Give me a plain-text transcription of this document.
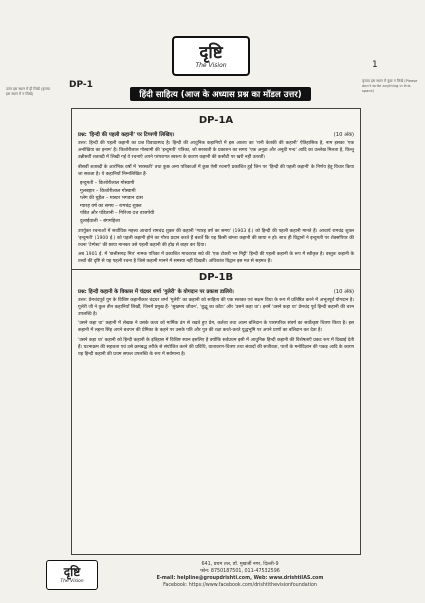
दृष्टि
The Vision	1
उत्तर इस स्थान में ही लिखें (कृपया इस स्थान में न लिखें)
कृपया इस स्थान में कुछ न लिखें (Please don't write anything in this space)
DP-1
हिंदी साहित्य (आज के अध्यास प्रश्न का मॉडल उत्तर)
DP-1A
प्रश्न: 'हिन्दी की पहली कहानी' पर टिप्पणी लिखिए।	(10 अंक)
उत्तर: हिन्दी की पहली कहानी का प्रश्न विवादास्पद है। हिन्दी की आधुनिक कहानियों में इस आशय का 'रानी केतकी की कहानी' ऐतिहासिक है, नाम इसका 'एक अनोखिया का इनाम' है। किशोरीलाल गोस्वामी की 'इन्दुमती' पत्रिका, जो सरस्वती के प्रकाशन का समय 'एक अनूठा और अनूठी गन्ध' आदि का उल्लेख मिलता है, किन्तु उन्नीसवीं शताब्दी में लिखी गई ये रचनाएँ अपने परंपरागत स्वरूप के कारण कहानी की कसौटी पर खरी नहीं उतरतीं।
बीसवीं शताब्दी के आरंभिक वर्षों में 'सरस्वती' तथा कुछ अन्य पत्रिकाओं में कुछ ऐसी रचनाएँ प्रकाशित हुईं जिन पर 'हिन्दी की पहली कहानी' के निर्णय हेतु विचार किया जा सकता है। ये कहानियाँ निम्नलिखित हैं-
इन्दुमती – किशोरीलाल गोस्वामी
गुलबहार – किशोरीलाल गोस्वामी
प्लेग की चुड़ैल – मास्टर भगवान दास
ग्यारह वर्ष का समय – रामचंद्र शुक्ल
पंडित और पंडितानी – गिरिजा दत्त वाजपेयी
दुलाईवाली – बंगमहिला
उपर्युक्त रचनाओं में सर्वाधिक महत्त्व आचार्य रामचंद्र शुक्ल की कहानी 'ग्यारह वर्ष का समय' (1903 ई.) को हिन्दी की पहली कहानी मानते हैं। आचार्य रामचंद्र शुक्ल 'इन्दुमती' (1900 ई.) को पहली कहानी होने का गौरव प्रदान करते हैं बशर्ते कि यह किसी बांग्ला कहानी की छाया न हो। साथ ही विद्वानों ने इन्दुमती पर शेक्सपियर की रचना 'टेम्पेस्ट' की छाया मानकर उसे पहली कहानी की होड़ से बाहर कर दिया।
अब 1901 ई. में 'छत्तीसगढ़ मित्र' नामक पत्रिका में प्रकाशित माधवराव सप्रे की 'एक टोकरी भर मिट्टी' हिन्दी की पहली कहानी के रूप में स्वीकृत है। वस्तुतः कहानी के तत्त्वों की दृष्टि से यह पहली रचना है जिसे कहानी मानने में समस्या नहीं दिखती। अधिकांश विद्वान इस मत से सहमत हैं।
DP-1B
प्रश्न: हिन्दी कहानी के विकास में चंद्रधर शर्मा 'गुलेरी' के योगदान पर प्रकाश डालिये।	(10 अंक)
उत्तर: प्रेमचंदपूर्व युग के विशिष्ट कहानीकार चंद्रधर शर्मा 'गुलेरी' का कहानी को साहित्य की एक सशक्त एवं सक्षम विधा के रूप में प्रतिष्ठित करने में अभूतपूर्व योगदान है। गुलेरी जी ने कुल तीन कहानियाँ लिखीं, जिनमें प्रमुख हैं- 'सुखमय जीवन', 'बुद्धू का काँटा' और 'उसने कहा था'। इनमें 'उसने कहा था' प्रेमचंद पूर्व हिन्दी कहानी की चरम उपलब्धि है।
'उसने कहा था' कहानी में लेखक ने उसके कथ्य को मार्मिक ढंग से रखते हुए प्रेम, कर्तव्य तथा आत्म बलिदान के पारस्परिक संघर्ष का सर्वोत्कृष्ट चित्रण किया है। इस कहानी में लहना सिंह अपने बचपन की प्रेमिका के कहने पर उसके पति और पुत्र की रक्षा करते-करते युद्धभूमि पर अपने प्राणों का बलिदान कर देता है।
'उसने कहा था' कहानी को हिन्दी कहानी के इतिहास में विशिष्ट स्थान इसलिए है क्योंकि सर्वप्रथम इसी में आधुनिक हिन्दी कहानी की विशेषताएँ प्रकट रूप में दिखाई देती हैं। घटनाक्रम की सहजता एवं उसे क्रमबद्ध तरीके से संयोजित करने की प्रविधि, वातावरण-चित्रण तथा संवादों की सजीवता, पात्रों के मनोविज्ञान की पकड़ आदि के कारण यह हिन्दी कहानी की प्रथम सफल उपलब्धि के रूप में सर्वमान्य है।
दृष्टि
The Vision
641, प्रथम तल, डॉ. मुखर्जी नगर, दिल्ली-9
फोन: 8750187501, 011-47532596
E-mail: helpline@groupdrishti.com, Web: www.drishtiIAS.com
Facebook: https://www.facebook.com/drishtithevisionfoundation
